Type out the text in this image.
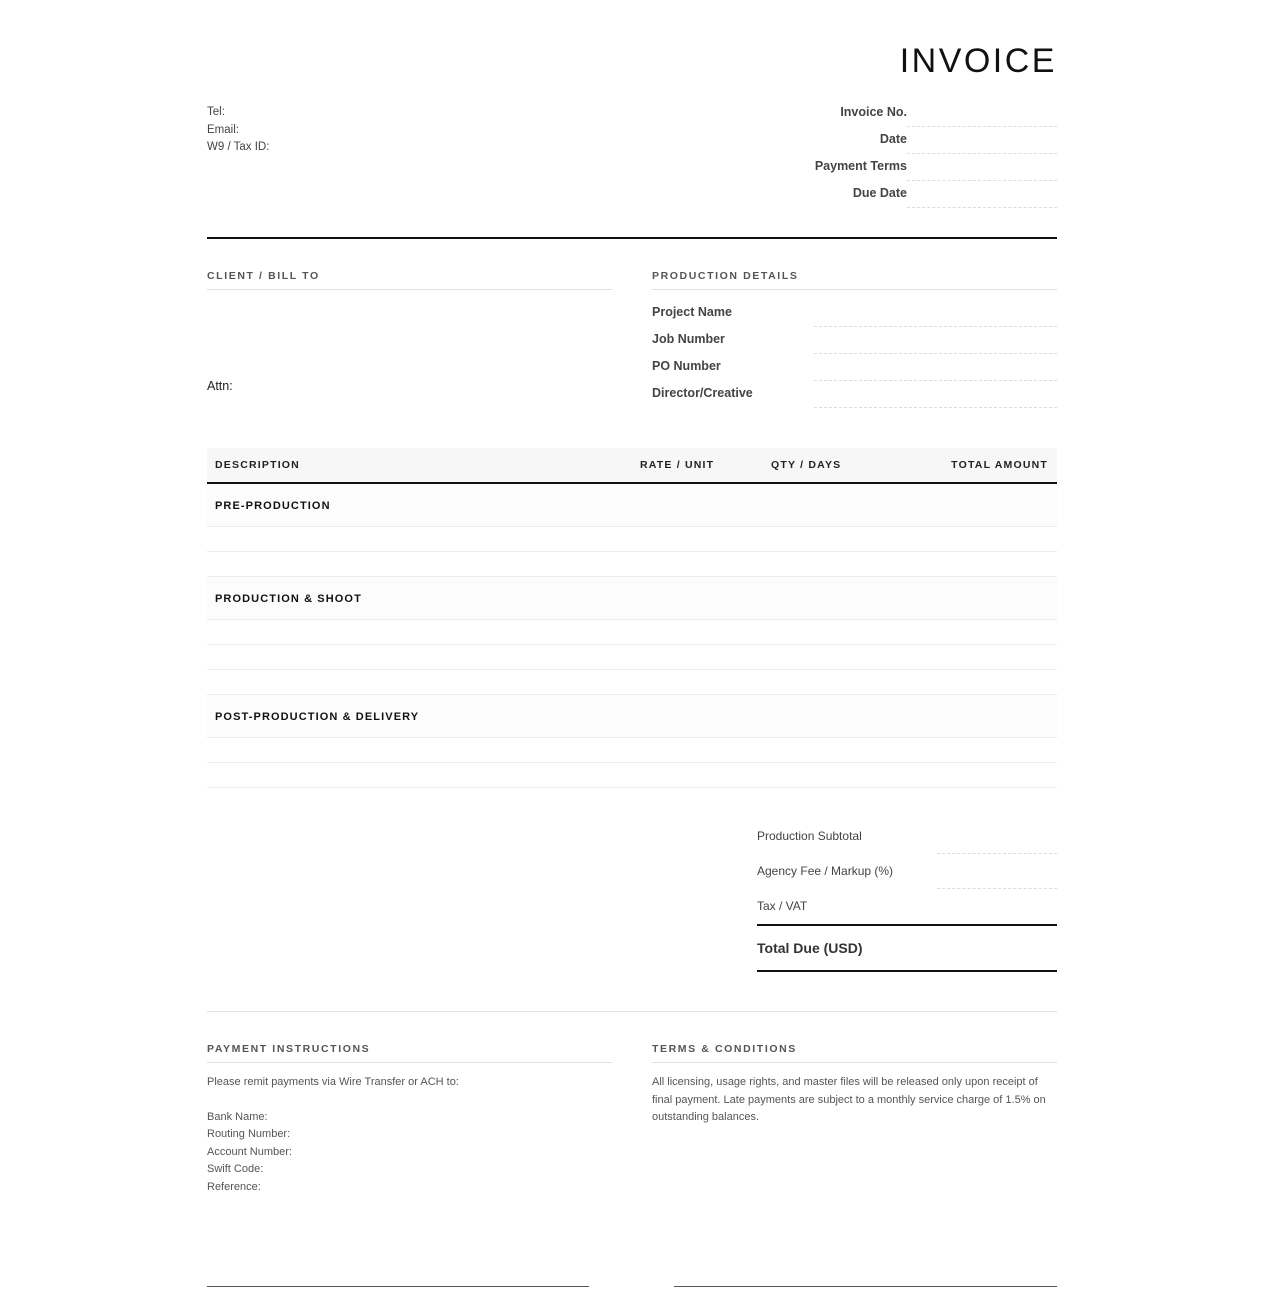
INVOICE
Tel:
Email:
W9 / Tax ID:
Invoice No.
Date
Payment Terms
Due Date
CLIENT / BILL TO
Attn:
PRODUCTION DETAILS
Project Name
Job Number
PO Number
Director/Creative
DESCRIPTION	RATE / UNIT	QTY / DAYS	TOTAL AMOUNT
PRE-PRODUCTION
PRODUCTION & SHOOT
POST-PRODUCTION & DELIVERY
Production Subtotal
Agency Fee / Markup (%)
Tax / VAT
Total Due (USD)
PAYMENT INSTRUCTIONS
Please remit payments via Wire Transfer or ACH to:
Bank Name:
Routing Number:
Account Number:
Swift Code:
Reference:
TERMS & CONDITIONS
All licensing, usage rights, and master files will be released only upon receipt of final payment. Late payments are subject to a monthly service charge of 1.5% on outstanding balances.
